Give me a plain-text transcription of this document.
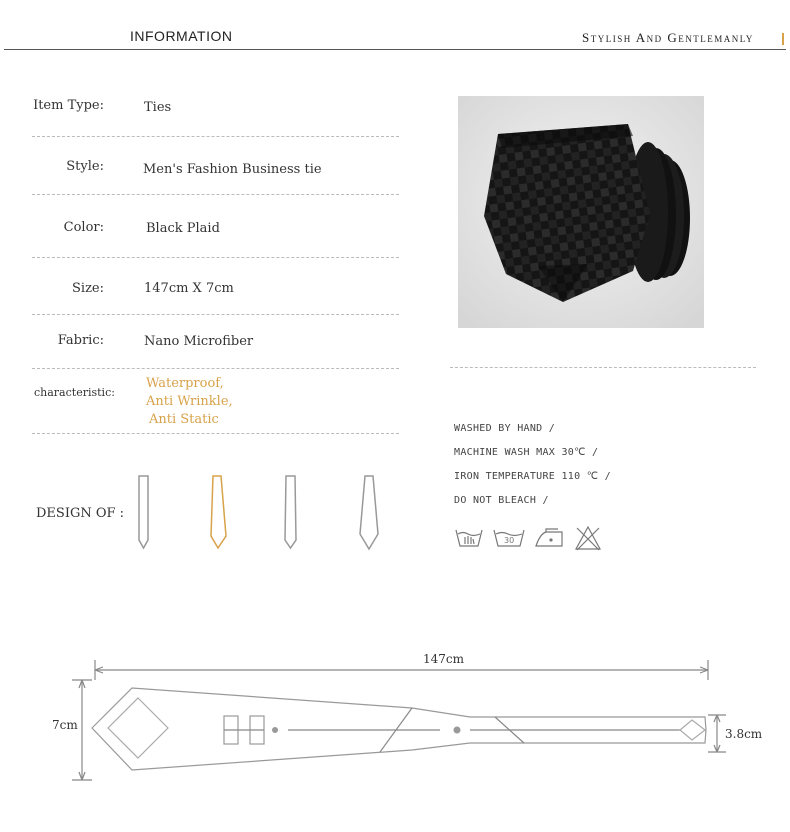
INFORMATION	Stylish And Gentlemanly
Item Type:	Ties
Style:	Men's Fashion Business tie
Color:	Black Plaid
Size:	147cm X 7cm
Fabric:	Nano Microfiber
characteristic:
Waterproof,
Anti Wrinkle,
Anti Static
WASHED BY HAND /
MACHINE WASH MAX 30℃ /
IRON TEMPERATURE 110 ℃ /
DO NOT BLEACH /
30
DESIGN OF :
147cm
7cm
3.8cm
